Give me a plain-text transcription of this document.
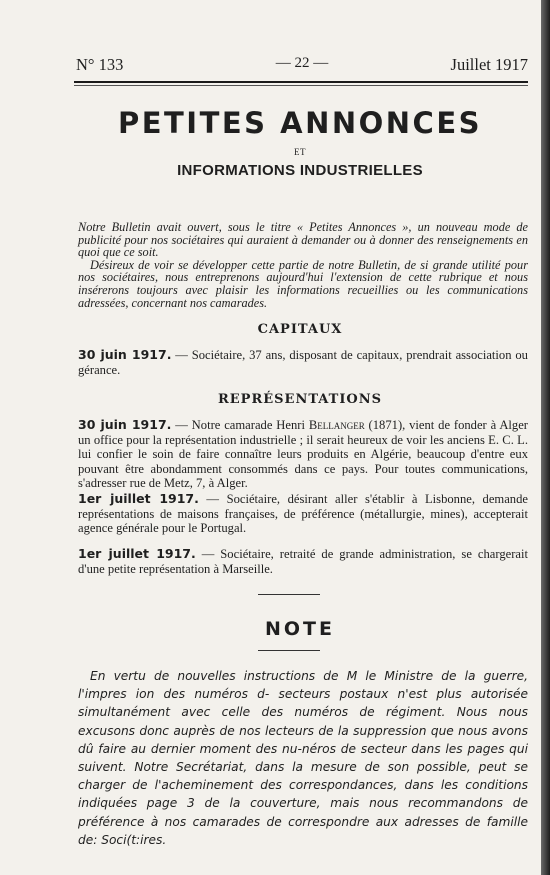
N° 133	— 22 —	Juillet 1917
PETITES ANNONCES
ET
INFORMATIONS INDUSTRIELLES

Notre Bulletin avait ouvert, sous le titre « Petites Annonces », un nouveau mode de publicité pour nos sociétaires qui auraient à demander ou à donner des renseignements en quoi que ce soit.

Désireux de voir se développer cette partie de notre Bulletin, de si grande utilité pour nos sociétaires, nous entreprenons aujourd'hui l'extension de cette rubrique et nous insérerons toujours avec plaisir les informations recueillies ou les communications adressées, concernant nos camarades.

CAPITAUX
30 juin 1917. — Sociétaire, 37 ans, disposant de capitaux, prendrait association ou gérance.
REPRÉSENTATIONS
30 juin 1917. — Notre camarade Henri Bellanger (1871), vient de fonder à Alger un office pour la représentation industrielle ; il serait heureux de voir les anciens E. C. L. lui confier le soin de faire connaître leurs produits en Algérie, beaucoup d'entre eux pouvant être abondamment consommés dans ce pays. Pour toutes communications, s'adresser rue de Metz, 7, à Alger.
1er juillet 1917. — Sociétaire, désirant aller s'établir à Lisbonne, demande représentations de maisons françaises, de préférence (métallurgie, mines), accepterait agence générale pour le Portugal.
1er juillet 1917. — Sociétaire, retraité de grande administration, se chargerait d'une petite représentation à Marseille.
NOTE
En vertu de nouvelles instructions de M le Ministre de la guerre, l'impres ion des numéros d- secteurs postaux n'est plus autorisée simultanément avec celle des numéros de régiment. Nous nous excusons donc auprès de nos lecteurs de la suppression que nous avons dû faire au dernier moment des nu-néros de secteur dans les pages qui suivent. Notre Secrétariat, dans la mesure de son possible, peut se charger de l'acheminement des correspondances, dans les conditions indiquées page 3 de la couverture, mais nous recommandons de préférence à nos camarades de correspondre aux adresses de famille de: Soci(t:ires.
